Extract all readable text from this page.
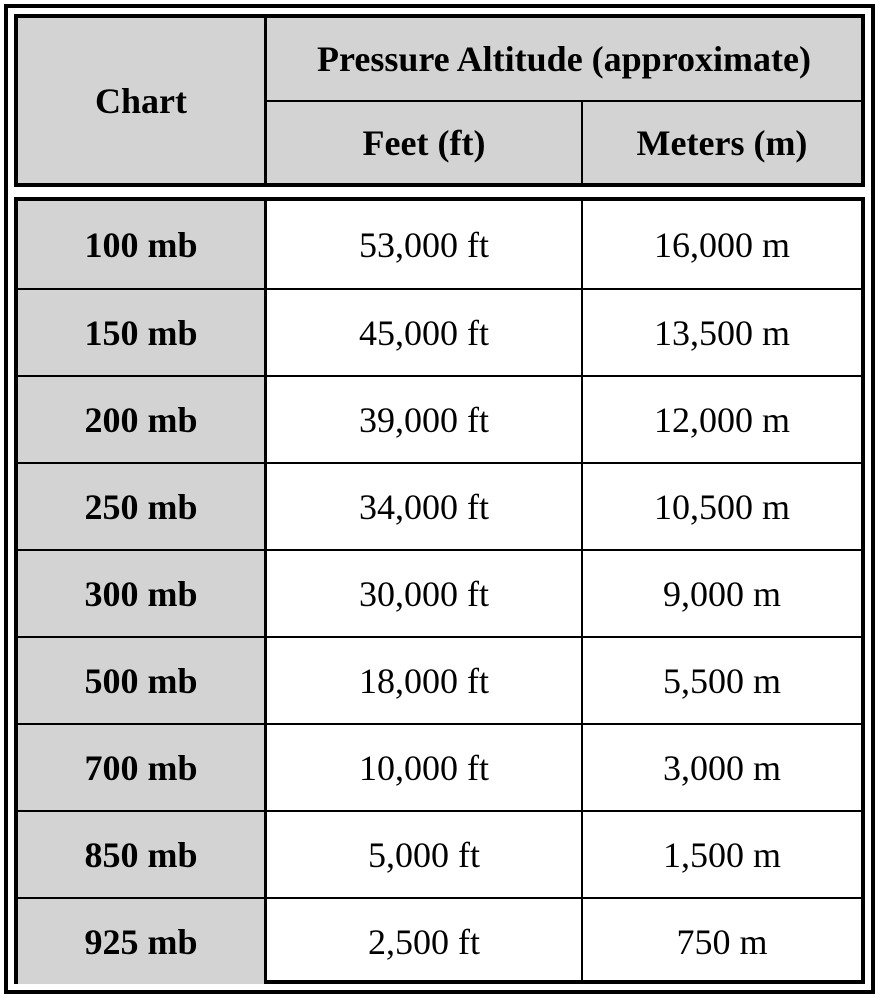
Chart
Pressure Altitude (approximate)
Feet (ft)	Meters (m)
100 mb	53,000 ft	16,000 m
150 mb	45,000 ft	13,500 m
200 mb	39,000 ft	12,000 m
250 mb	34,000 ft	10,500 m
300 mb	30,000 ft	9,000 m
500 mb	18,000 ft	5,500 m
700 mb	10,000 ft	3,000 m
850 mb	5,000 ft	1,500 m
925 mb	2,500 ft	750 m
